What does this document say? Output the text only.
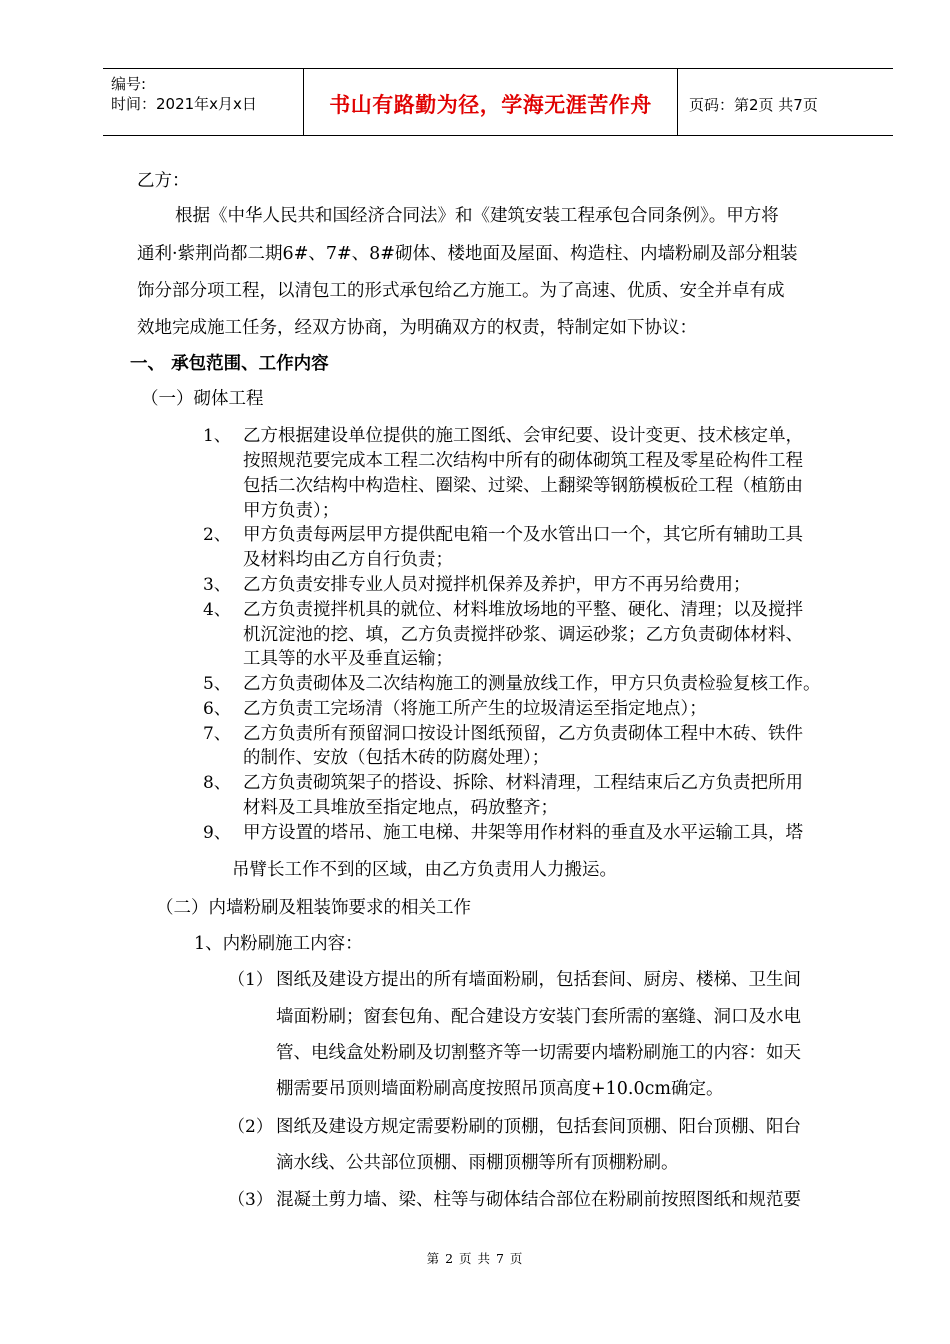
编号:
时间：2021年x月x日	书山有路勤为径，学海无涯苦作舟	页码：第2页 共7页
乙方：
根据《中华人民共和国经济合同法》和《建筑安装工程承包合同条例》。甲方将
通利·紫荆尚都二期6#、7#、8#砌体、楼地面及屋面、构造柱、内墙粉刷及部分粗装
饰分部分项工程，以清包工的形式承包给乙方施工。为了高速、优质、安全并卓有成
效地完成施工任务，经双方协商，为明确双方的权责，特制定如下协议：
一、 承包范围、工作内容
（一）砌体工程
1、 乙方根据建设单位提供的施工图纸、会审纪要、设计变更、技术核定单，
按照规范要完成本工程二次结构中所有的砌体砌筑工程及零星砼构件工程
包括二次结构中构造柱、圈梁、过梁、上翻梁等钢筋模板砼工程（植筋由
甲方负责）；
2、 甲方负责每两层甲方提供配电箱一个及水管出口一个，其它所有辅助工具
及材料均由乙方自行负责；
3、 乙方负责安排专业人员对搅拌机保养及养护，甲方不再另给费用；
4、 乙方负责搅拌机具的就位、材料堆放场地的平整、硬化、清理；以及搅拌
机沉淀池的挖、填，乙方负责搅拌砂浆、调运砂浆；乙方负责砌体材料、
工具等的水平及垂直运输；
5、 乙方负责砌体及二次结构施工的测量放线工作，甲方只负责检验复核工作。
6、 乙方负责工完场清（将施工所产生的垃圾清运至指定地点）；
7、 乙方负责所有预留洞口按设计图纸预留，乙方负责砌体工程中木砖、铁件
的制作、安放（包括木砖的防腐处理）；
8、 乙方负责砌筑架子的搭设、拆除、材料清理，工程结束后乙方负责把所用
材料及工具堆放至指定地点，码放整齐；
9、 甲方设置的塔吊、施工电梯、井架等用作材料的垂直及水平运输工具，塔
吊臂长工作不到的区域，由乙方负责用人力搬运。
（二）内墙粉刷及粗装饰要求的相关工作
1、内粉刷施工内容：
（1） 图纸及建设方提出的所有墙面粉刷，包括套间、厨房、楼梯、卫生间
墙面粉刷；窗套包角、配合建设方安装门套所需的塞缝、洞口及水电
管、电线盒处粉刷及切割整齐等一切需要内墙粉刷施工的内容：如天
棚需要吊顶则墙面粉刷高度按照吊顶高度+10.0cm确定。
（2） 图纸及建设方规定需要粉刷的顶棚，包括套间顶棚、阳台顶棚、阳台
滴水线、公共部位顶棚、雨棚顶棚等所有顶棚粉刷。
（3） 混凝土剪力墙、梁、柱等与砌体结合部位在粉刷前按照图纸和规范要
第 2 页 共 7 页
